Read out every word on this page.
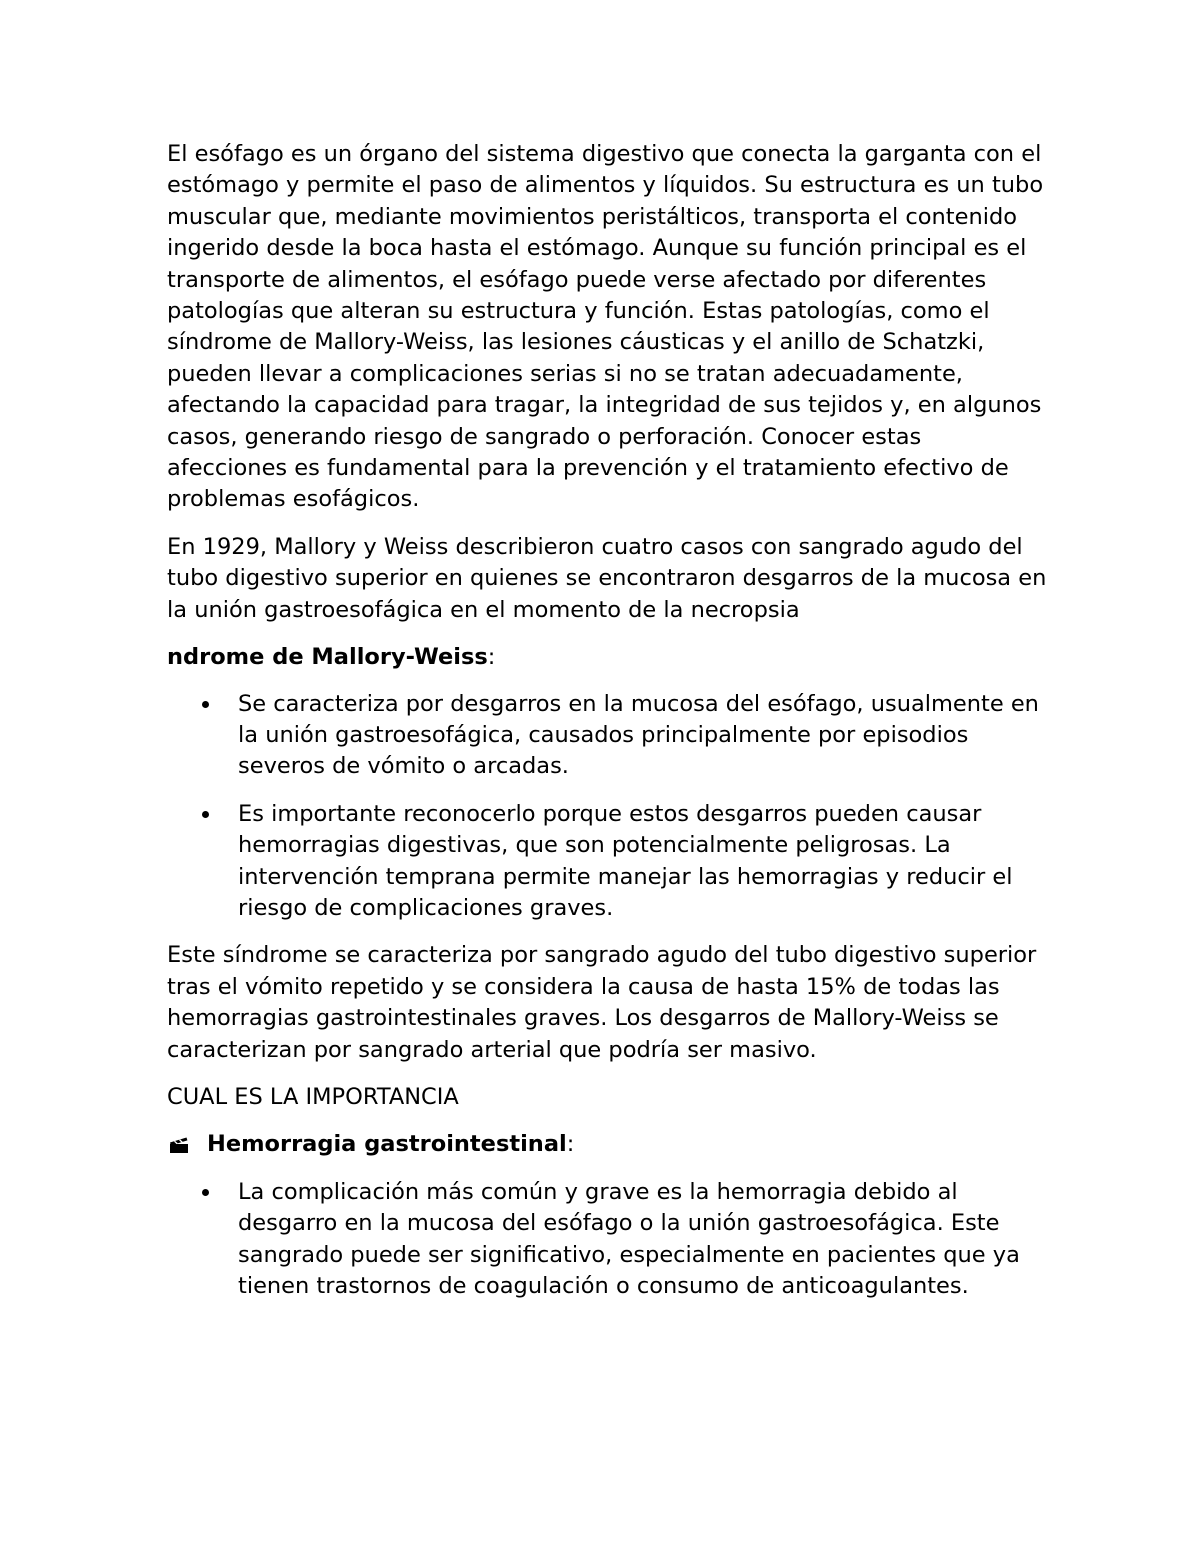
El esófago es un órgano del sistema digestivo que conecta la garganta con el estómago y permite el paso de alimentos y líquidos. Su estructura es un tubo muscular que, mediante movimientos peristálticos, transporta el contenido ingerido desde la boca hasta el estómago. Aunque su función principal es el transporte de alimentos, el esófago puede verse afectado por diferentes patologías que alteran su estructura y función. Estas patologías, como el síndrome de Mallory-Weiss, las lesiones cáusticas y el anillo de Schatzki, pueden llevar a complicaciones serias si no se tratan adecuadamente, afectando la capacidad para tragar, la integridad de sus tejidos y, en algunos casos, generando riesgo de sangrado o perforación. Conocer estas afecciones es fundamental para la prevención y el tratamiento efectivo de problemas esofágicos.

En 1929, Mallory y Weiss describieron cuatro casos con sangrado agudo del tubo digestivo superior en quienes se encontraron desgarros de la mucosa en la unión gastroesofágica en el momento de la necropsia

ndrome de Mallory-Weiss:

Se caracteriza por desgarros en la mucosa del esófago, usualmente en la unión gastroesofágica, causados principalmente por episodios severos de vómito o arcadas.
Es importante reconocerlo porque estos desgarros pueden causar hemorragias digestivas, que son potencialmente peligrosas. La intervención temprana permite manejar las hemorragias y reducir el riesgo de complicaciones graves.

Este síndrome se caracteriza por sangrado agudo del tubo digestivo superior tras el vómito repetido y se considera la causa de hasta 15% de todas las hemorragias gastrointestinales graves. Los desgarros de Mallory-Weiss se caracterizan por sangrado arterial que podría ser masivo.

CUAL ES LA IMPORTANCIA

Hemorragia gastrointestinal:

La complicación más común y grave es la hemorragia debido al desgarro en la mucosa del esófago o la unión gastroesofágica. Este sangrado puede ser significativo, especialmente en pacientes que ya tienen trastornos de coagulación o consumo de anticoagulantes.
